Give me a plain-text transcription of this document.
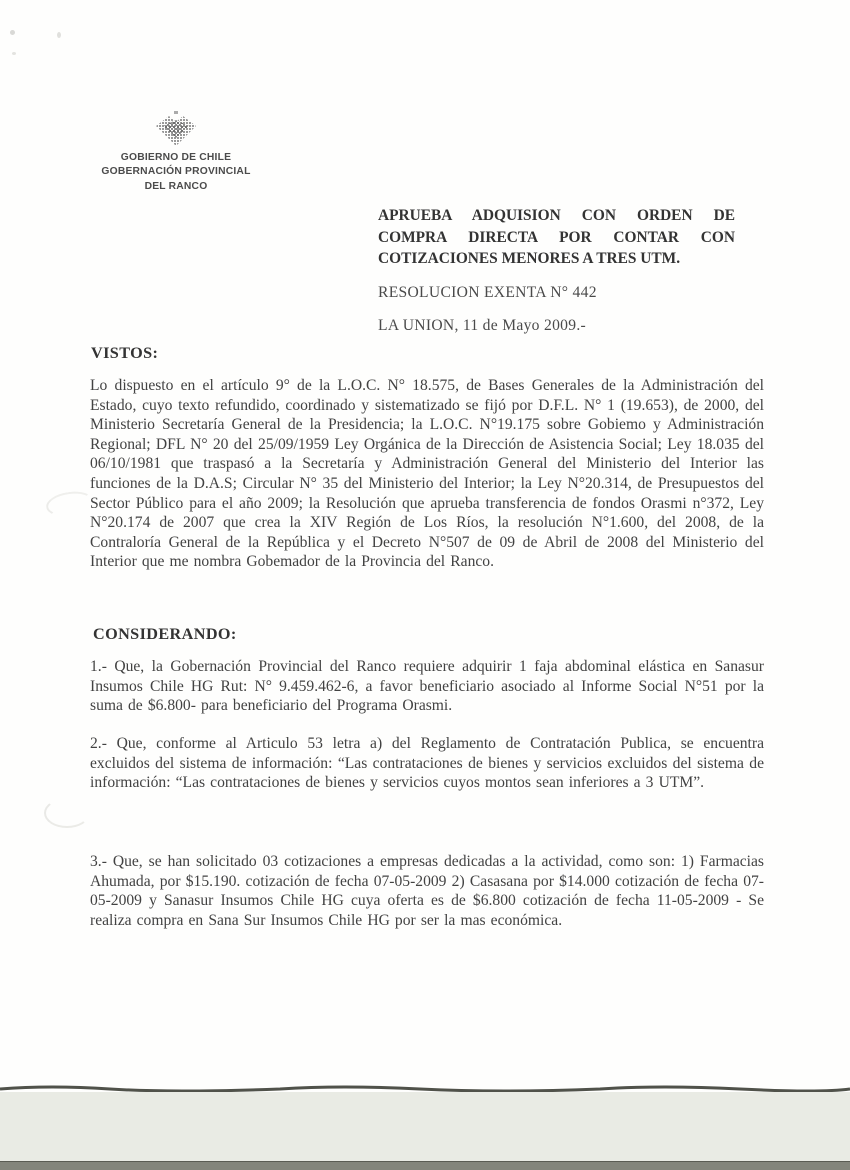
GOBIERNO DE CHILE
GOBERNACIÓN PROVINCIAL
DEL RANCO

APRUEBA ADQUISION CON ORDEN DE COMPRA DIRECTA POR CONTAR CON COTIZACIONES MENORES A TRES UTM.

RESOLUCION EXENTA N° 442

LA UNION, 11 de Mayo 2009.-

VISTOS:

Lo dispuesto en el artículo 9° de la L.O.C. N° 18.575, de Bases Generales de la Administración del Estado, cuyo texto refundido, coordinado y sistematizado se fijó por D.F.L. N° 1 (19.653), de 2000, del Ministerio Secretaría General de la Presidencia; la L.O.C. N°19.175 sobre Gobiemo y Administración Regional; DFL N° 20 del 25/09/1959 Ley Orgánica de la Dirección de Asistencia Social; Ley 18.035 del 06/10/1981 que traspasó a la Secretaría y Administración General del Ministerio del Interior las funciones de la D.A.S; Circular N° 35 del Ministerio del Interior; la Ley N°20.314, de Presupuestos del Sector Público para el año 2009; la Resolución que aprueba transferencia de fondos Orasmi n°372, Ley N°20.174 de 2007 que crea la XIV Región de Los Ríos, la resolución N°1.600, del 2008, de la Contraloría General de la República y el Decreto N°507 de 09 de Abril de 2008 del Ministerio del Interior que me nombra Gobemador de la Provincia del Ranco.

CONSIDERANDO:

1.- Que, la Gobernación Provincial del Ranco requiere adquirir 1 faja abdominal elástica en Sanasur Insumos Chile HG Rut: N° 9.459.462-6, a favor beneficiario asociado al Informe Social N°51 por la suma de $6.800- para beneficiario del Programa Orasmi.

2.- Que, conforme al Articulo 53 letra a) del Reglamento de Contratación Publica, se encuentra excluidos del sistema de información: “Las contrataciones de bienes y servicios excluidos del sistema de información: “Las contrataciones de bienes y servicios cuyos montos sean inferiores a 3 UTM”.

3.- Que, se han solicitado 03 cotizaciones a empresas dedicadas a la actividad, como son: 1) Farmacias Ahumada, por $15.190. cotización de fecha 07-05-2009 2) Casasana por $14.000 cotización de fecha 07-05-2009 y Sanasur Insumos Chile HG cuya oferta es de $6.800 cotización de fecha 11-05-2009 - Se realiza compra en Sana Sur Insumos Chile HG por ser la mas económica.
